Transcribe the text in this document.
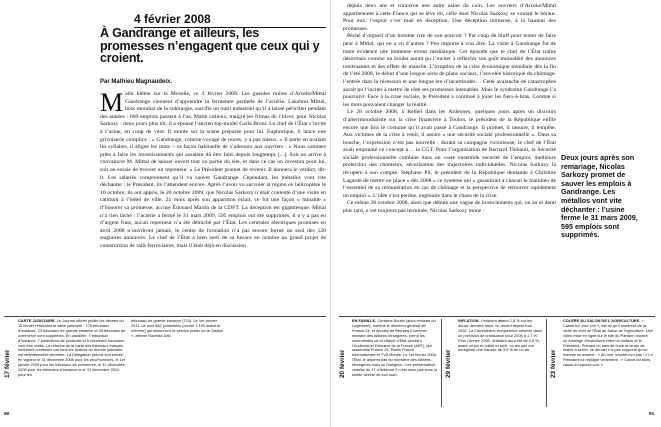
4 février 2008
À Gandrange et ailleurs, les promesses n’engagent que ceux qui y croient.
Par Mathieu Magnaudeix.

Matin blême sur la Moselle, ce 4 février 2008. Les gueules noires d’ArcelorMittal Gandrange viennent d’apprendre la fermeture partielle de l’aciérie. Lakshmi Mittal, boss mondial de la sidérurgie, sacrifie un outil industriel qu’il a laissé péricliter pendant des années : 600 emplois passent à l’as. Matin radieux, malgré les frimas de l’hiver, pour Nicolas Sarkozy : deux jours plus tôt, il a épousé l’ancien top-model Carla Bruni. Le chef de l’État s’invite à l’usine, en coup de vent. Il monte sur la scène préparée pour lui. Euphorique, il lance une grivoiserie complice : « Gandrange, comme voyage de noces, y a pas mieux. » Il parle en avalant les syllabes, il aligne les mots – sa façon habituelle de s’adresser aux ouvriers : « Nous sommes prêts à faire les investissements qui auraient dû être faits depuis longtemps [...]. Soit on arrive à convaincre M. Mittal de laisser ouvert tout ou partie du site, et dans ce cas on investira pour lui, soit on essaie de trouver un repreneur. » Le Président promet de revenir. Il donnera le verdict, dit-il. Les salariés comprennent qu’il va sauver Gandrange. Cependant, les métallos vont vite déchanter : le Président, ils l’attendent encore. Après l’avoir vu survoler la région en hélicoptère le 10 octobre, ils ont appris, le 20 octobre 2009, que Nicolas Sarkozy n’était contenté d’une visite en catimini à l’hôtel de ville. 21 mois après son apparition éclair, ce fut une façon « minable » d’honorer sa promesse, accuse Édouard Martin de la CDFT. La déception est gigantesque. Mittal n’a rien lâché : l’aciérie a fermé le 31 mars 2009, 595 emplois ont été supprimés, il n’y a pas eu d’argent frais, aucun repreneur n’a été démiché par l’État. Les centrales électriques promises en avril 2008 n’ouvriront jamais, le centre de formation n’a pas encore formé un seul des 120 stagiaires annoncés. Le chef de l’État a bien sorti de sa besace en octobre un grand projet de construction de rails ferroviaires, mais il était déjà en discussion

17 février

CARTE JUDICIAIRE. Le Journal officiel publie les décrets du 15 février réformant la carte judiciaire : 178 tribunaux d’instance, 23 tribunaux de grande instance et 55 tribunaux de commerce sont supprimés. En parallèle, 7 tribunaux d’instance, 7 juridictions de proximité et 6 nouveaux tribunaux vont être créés. La réforme de la carte des tribunaux français, fortement contestée par tous les acteurs du monde judiciaire, est définitivement décrétée. La Délégation prévoit son entrée en vigueur le 31 décembre 2008 pour les prud’hommes, le 1er janvier 2009 pour les tribunaux de commerce, le 31 décembre 2009 pour les tribunaux d’instance et le 31 décembre 2010 pour les

tribunaux de grande instance (TGI). Le 1er janvier 2011, ce sont 862 juridictions (contre 1 190 avant la réforme) qui assureront le service public de la Justice », affirme Rachida Dati.

90

depuis deux ans et concerne une autre usine du coin. Les ouvriers d’ArcelorMittal appartiennent à cette France qui se lève tôt, celle dont Nicolas Sarkozy se voulait le héraut. Pour eux, l’espoir s’est mué en déception. Une déception immense, à la hauteur des promesses.

Péché d’orgueil d’un homme ivre de son pouvoir ? Par coup de bluff pour tenter de faire peur à Mittal, qui en a vu d’autres ? Peu importe à vrai dire. La visite à Gandrange fut de toute évidence une immense erreur médiatique. Cet épisode que le chef de l’État traîne désormais comme un boulet aurait pu l’inciter à réfléchir son goût immodéré des annonces tonitruantes et des effets de manche. L’irruption de la crise économique mondiale dès la fin de l’été 2008, le début d’une longue série de plans sociaux, l’envolée historique du chômage, l’entrée dans la récession et une longue ère d’incertitudes… Cette avalanche de catastrophes aurait pu l’inciter à mettre de côté ses promesses intenables. Mais le syndrome Gandrange l’a poursuivi. Face à la crise sociale, le Président a continué à jouer les fiers-à-bras. Comme si les mots pouvaient changer la réalité.

Le 28 octobre 2008, à Rethel dans les Ardennes, quelques jours après un discours d’alterrmondialiste sur la crise financière à Toulon, le président de la République enfile encore une fois le costume qu’il avait passé à Gandrange. Il promet, il rassure, il tempête. Aux victimes de la crise à venir, il assure « une sécurité sociale professionnelle ». Dans sa bouche, l’expression n’est pas nouvelle : durant sa campagne victorieuse, le chef de l’État avait emprunté ce concept à… la CGT. Pour l’organisation de Bernard Thibault, la Sécurité sociale professionnelle combine dans un vaste ensemble sécurité de l’emploi, meilleure protection des chômeurs, sécurisation des trajectoires individuelles. Nicolas Sarkozy la récupère à son compte. Stéphane Pit, le président de la République demande à Christine Lagarde de mettre en place « dès 2008 » ce système qui « garantirait à chacun le maintien de l’essentiel de sa rémunération en cas de chômage et la perspective de retrouver rapidement un emploi ». L’idée s’est perdue, engloutie dans le chaos de la crise.

Ce même 28 octobre 2008, alors que débute une vague de licenciements qui, un an et demi plus tard, n’est toujours pas terminée, Nicolas Sarkozy tonne :

Deux jours après son remariage, Nicolas Sarkozy promet de sauver les emplois à Gandrange. Les métallos vont vite déchanter : l’usine ferme le 31 mars 2009, 595 emplois sont supprimés.

20 février

EN FAMILLE. Christine Boutin (alors ministre du Logement), nomme le directeur général de France 24, et épouse de Bernard Kouchner, ministre des Affaires étrangères, prend les commandes de la chaîne d’État pendant l’Audiovisuel Extérieur de la France (AEF), qui rassemble France 24, Radio France Internationale et TV5 Monde. Le 1er février 2008, l’État, le dépend pas du ministère des Affaires étrangères mais de Matignon. L’ex-présentatrice vedette du JT d’Antenne 2 n’est donc pas sous la tutelle directe de son mari.	29 février

INFLATION. L’inflation atteint 2,8 % sur les douze derniers mois, un record depuis mai 1992. La Commission européenne observe dans un prévision de croissance pour 2008 à 1,7 %. Pour l’année 2008, l’inflation aura été de 2,8 %, avant un pic en juillet et août, où les prix ont enregistré une hausse de 3,6 % en un an.	23 février

COLÈRE AU SALON DE L’AGRICULTURE. « Casse-toi, pov’ con », est ce qu’il montrera de la visite du chef de l’État au Salon de l’agriculture. Une vidéo mise en ligne sur le site du Parisien montre un échange d’invectives entre un visiteur et le Président. Prenant un bain de foule et tendu de mains à serrer, ce dernier n’a pas supporté qu’un homme lui assène : « Ah non, touche-moi pas ! » Le Président lui réplique vertement : « Casse-toi alors, casse-toi pauvre con. »

91
